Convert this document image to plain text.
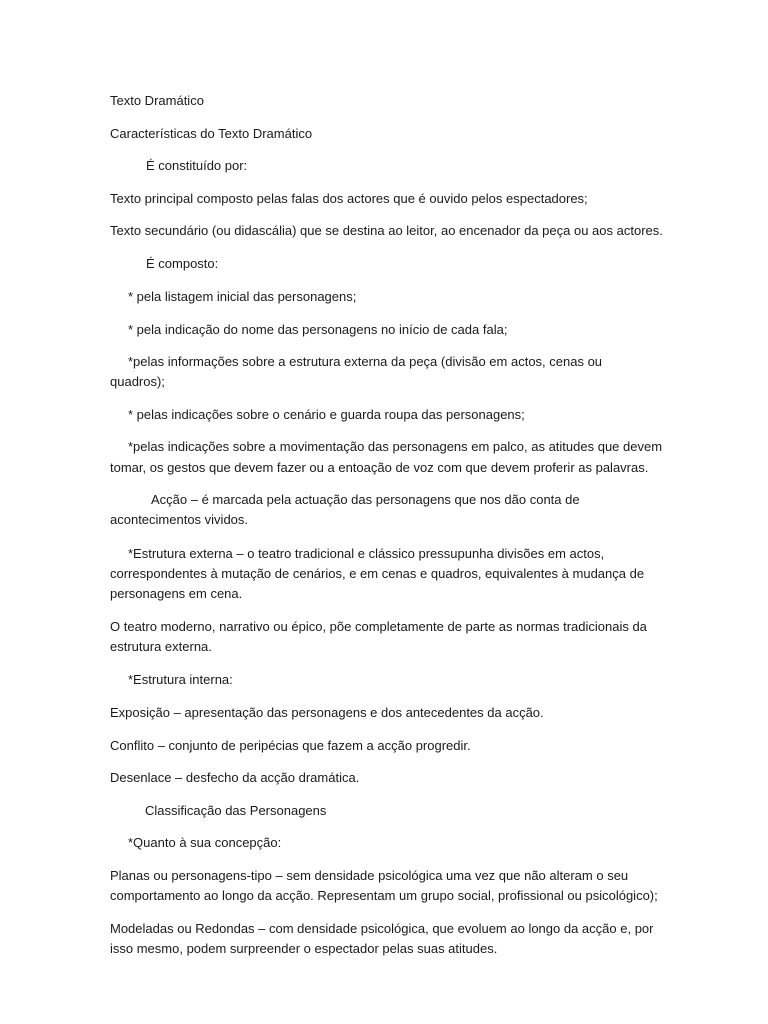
Texto Dramático
Características do Texto Dramático
É constituído por:
Texto principal composto pelas falas dos actores que é ouvido pelos espectadores;
Texto secundário (ou didascália) que se destina ao leitor, ao encenador da peça ou aos actores.
É composto:
* pela listagem inicial das personagens;
* pela indicação do nome das personagens no início de cada fala;
*pelas informações sobre a estrutura externa da peça (divisão em actos, cenas ou
quadros);
* pelas indicações sobre o cenário e guarda roupa das personagens;
*pelas indicações sobre a movimentação das personagens em palco, as atitudes que devem
tomar, os gestos que devem fazer ou a entoação de voz com que devem proferir as palavras.
Acção – é marcada pela actuação das personagens que nos dão conta de
acontecimentos vividos.
*Estrutura externa – o teatro tradicional e clássico pressupunha divisões em actos,
correspondentes à mutação de cenários, e em cenas e quadros, equivalentes à mudança de
personagens em cena.
O teatro moderno, narrativo ou épico, põe completamente de parte as normas tradicionais da
estrutura externa.
*Estrutura interna:
Exposição – apresentação das personagens e dos antecedentes da acção.
Conflito – conjunto de peripécias que fazem a acção progredir.
Desenlace – desfecho da acção dramática.
Classificação das Personagens
*Quanto à sua concepção:
Planas ou personagens-tipo – sem densidade psicológica uma vez que não alteram o seu
comportamento ao longo da acção. Representam um grupo social, profissional ou psicológico);
Modeladas ou Redondas – com densidade psicológica, que evoluem ao longo da acção e, por
isso mesmo, podem surpreender o espectador pelas suas atitudes.
